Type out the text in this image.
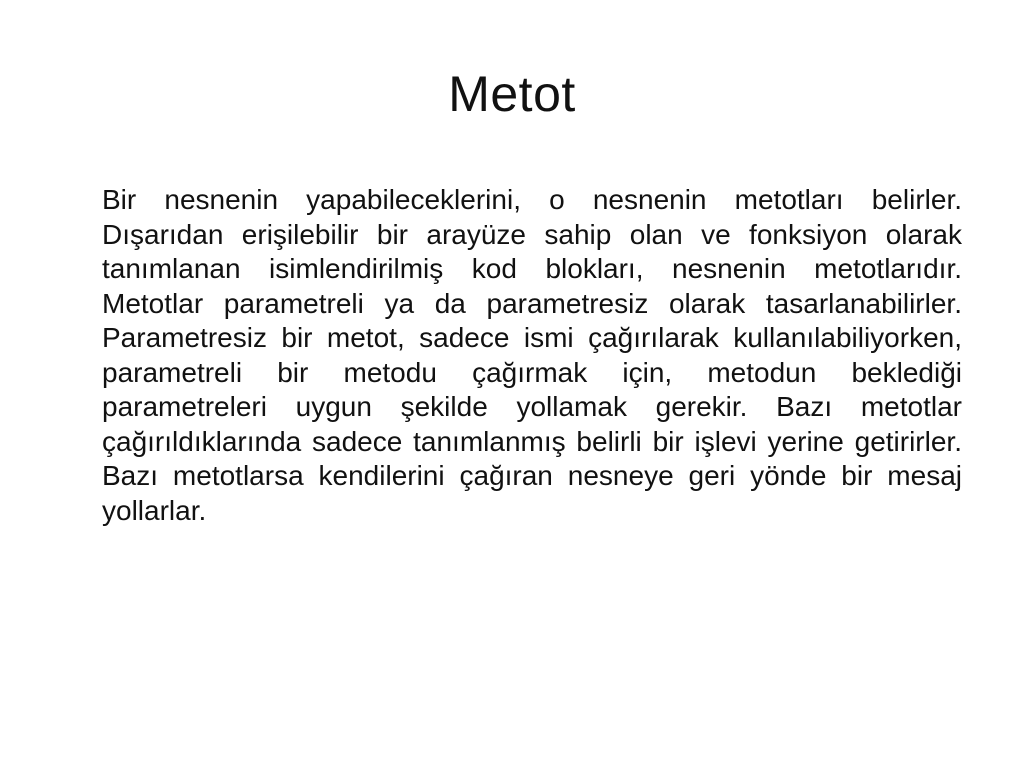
Metot

Bir nesnenin yapabileceklerini, o nesnenin metotları belirler. Dışarıdan erişilebilir bir arayüze sahip olan ve fonksiyon olarak tanımlanan isimlendirilmiş kod blokları, nesnenin metotlarıdır. Metotlar parametreli ya da parametresiz olarak tasarlanabilirler. Parametresiz bir metot, sadece ismi çağırılarak kullanılabiliyorken, parametreli bir metodu çağırmak için, metodun beklediği parametreleri uygun şekilde yollamak gerekir. Bazı metotlar çağırıldıklarında sadece tanımlanmış belirli bir işlevi yerine getirirler. Bazı metotlarsa kendilerini çağıran nesneye geri yönde bir mesaj yollarlar.
